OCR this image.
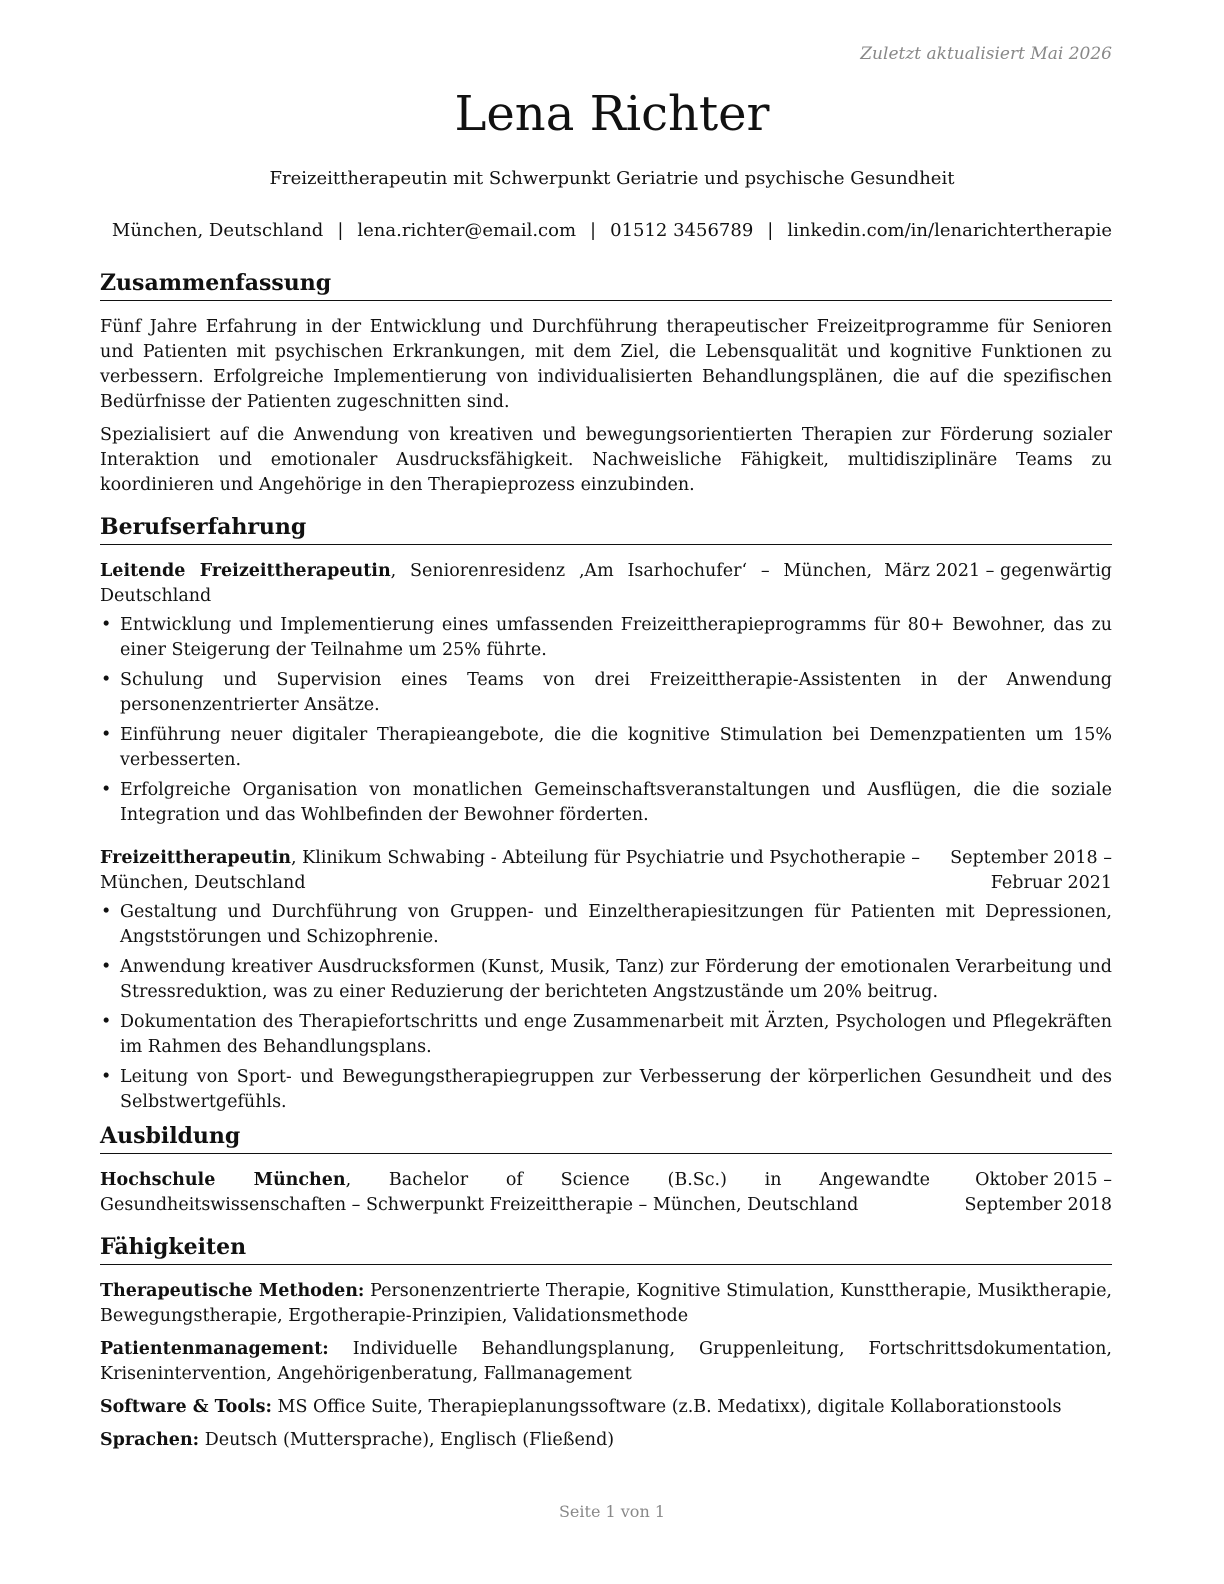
Zuletzt aktualisiert Mai 2026
Lena Richter
Freizeittherapeutin mit Schwerpunkt Geriatrie und psychische Gesundheit
München, Deutschland | lena.richter@email.com | 01512 3456789 | linkedin.com/in/lenarichtertherapie
Zusammenfassung

Fünf Jahre Erfahrung in der Entwicklung und Durchführung therapeutischer Freizeitprogramme für Senioren und Patienten mit psychischen Erkrankungen, mit dem Ziel, die Lebensqualität und kognitive Funktionen zu verbessern. Erfolgreiche Implementierung von individualisierten Behandlungsplänen, die auf die spezifischen Bedürfnisse der Patienten zugeschnitten sind.

Spezialisiert auf die Anwendung von kreativen und bewegungsorientierten Therapien zur Förderung sozialer Interaktion und emotionaler Ausdrucksfähigkeit. Nachweisliche Fähigkeit, multidisziplinäre Teams zu koordinieren und Angehörige in den Therapieprozess einzubinden.

Berufserfahrung
Leitende Freizeittherapeutin, Seniorenresidenz ‚Am Isarhochufer‘ – München, Deutschland
März 2021 – gegenwärtig
• Entwicklung und Implementierung eines umfassenden Freizeittherapieprogramms für 80+ Bewohner, das zu einer Steigerung der Teilnahme um 25% führte.
• Schulung und Supervision eines Teams von drei Freizeittherapie-Assistenten in der Anwendung personenzentrierter Ansätze.
• Einführung neuer digitaler Therapieangebote, die die kognitive Stimulation bei Demenzpatienten um 15% verbesserten.
• Erfolgreiche Organisation von monatlichen Gemeinschaftsveranstaltungen und Ausflügen, die die soziale Integration und das Wohlbefinden der Bewohner förderten.
Freizeittherapeutin, Klinikum Schwabing - Abteilung für Psychiatrie und Psychotherapie – München, Deutschland
September 2018 – Februar 2021
• Gestaltung und Durchführung von Gruppen- und Einzeltherapiesitzungen für Patienten mit Depressionen, Angststörungen und Schizophrenie.
• Anwendung kreativer Ausdrucksformen (Kunst, Musik, Tanz) zur Förderung der emotionalen Verarbeitung und Stressreduktion, was zu einer Reduzierung der berichteten Angstzustände um 20% beitrug.
• Dokumentation des Therapiefortschritts und enge Zusammenarbeit mit Ärzten, Psychologen und Pflegekräften im Rahmen des Behandlungsplans.
• Leitung von Sport- und Bewegungstherapiegruppen zur Verbesserung der körperlichen Gesundheit und des Selbstwertgefühls.
Ausbildung
Hochschule München, Bachelor of Science (B.Sc.) in Angewandte Gesundheitswissenschaften – Schwerpunkt Freizeittherapie – München, Deutschland
Oktober 2015 – September 2018
Fähigkeiten

Therapeutische Methoden: Personenzentrierte Therapie, Kognitive Stimulation, Kunsttherapie, Musiktherapie, Bewegungstherapie, Ergotherapie-Prinzipien, Validationsmethode

Patientenmanagement: Individuelle Behandlungsplanung, Gruppenleitung, Fortschrittsdokumentation, Krisenintervention, Angehörigenberatung, Fallmanagement

Software & Tools: MS Office Suite, Therapieplanungssoftware (z.B. Medatixx), digitale Kollaborationstools

Sprachen: Deutsch (Muttersprache), Englisch (Fließend)

Seite 1 von 1
